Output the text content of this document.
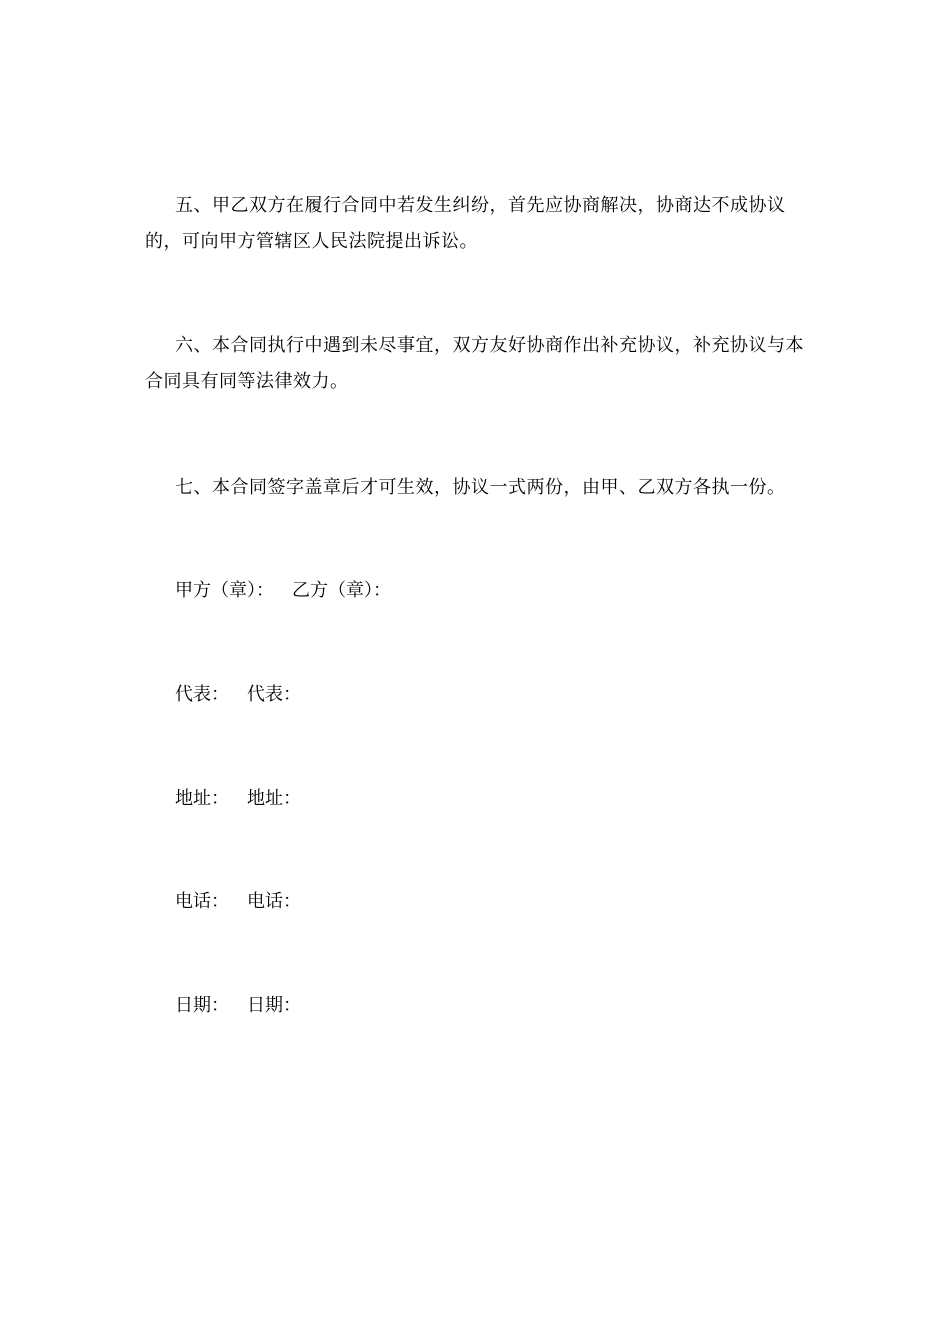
五、甲乙双方在履行合同中若发生纠纷，首先应协商解决，协商达不成协议的，可向甲方管辖区人民法院提出诉讼。

六、本合同执行中遇到未尽事宜，双方友好协商作出补充协议，补充协议与本合同具有同等法律效力。

七、本合同签字盖章后才可生效，协议一式两份，由甲、乙双方各执一份。

甲方（章）： 乙方（章）：
代表： 代表：
地址： 地址：
电话： 电话：
日期： 日期：
